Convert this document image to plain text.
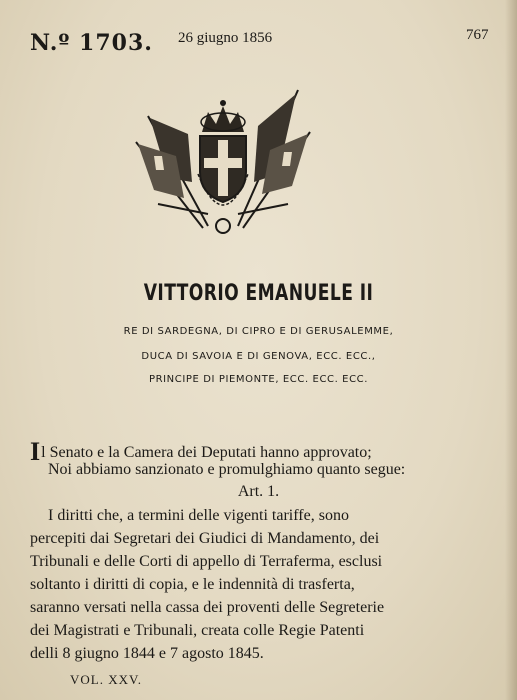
N.º 1703. 26 giugno 1856	767
VITTORIO EMANUELE II
RE DI SARDEGNA, DI CIPRO E DI GERUSALEMME,
DUCA DI SAVOIA E DI GENOVA, ECC. ECC.,
PRINCIPE DI PIEMONTE, ECC. ECC. ECC.
Il Senato e la Camera dei Deputati hanno approvato;
Noi abbiamo sanzionato e promulghiamo quanto segue:
Art. 1.
I diritti che, a termini delle vigenti tariffe, sono
percepiti dai Segretari dei Giudici di Mandamento, dei
Tribunali e delle Corti di appello di Terraferma, esclusi
soltanto i diritti di copia, e le indennità di trasferta,
saranno versati nella cassa dei proventi delle Segreterie
dei Magistrati e Tribunali, creata colle Regie Patenti
delli 8 giugno 1844 e 7 agosto 1845.
VOL. XXV.
